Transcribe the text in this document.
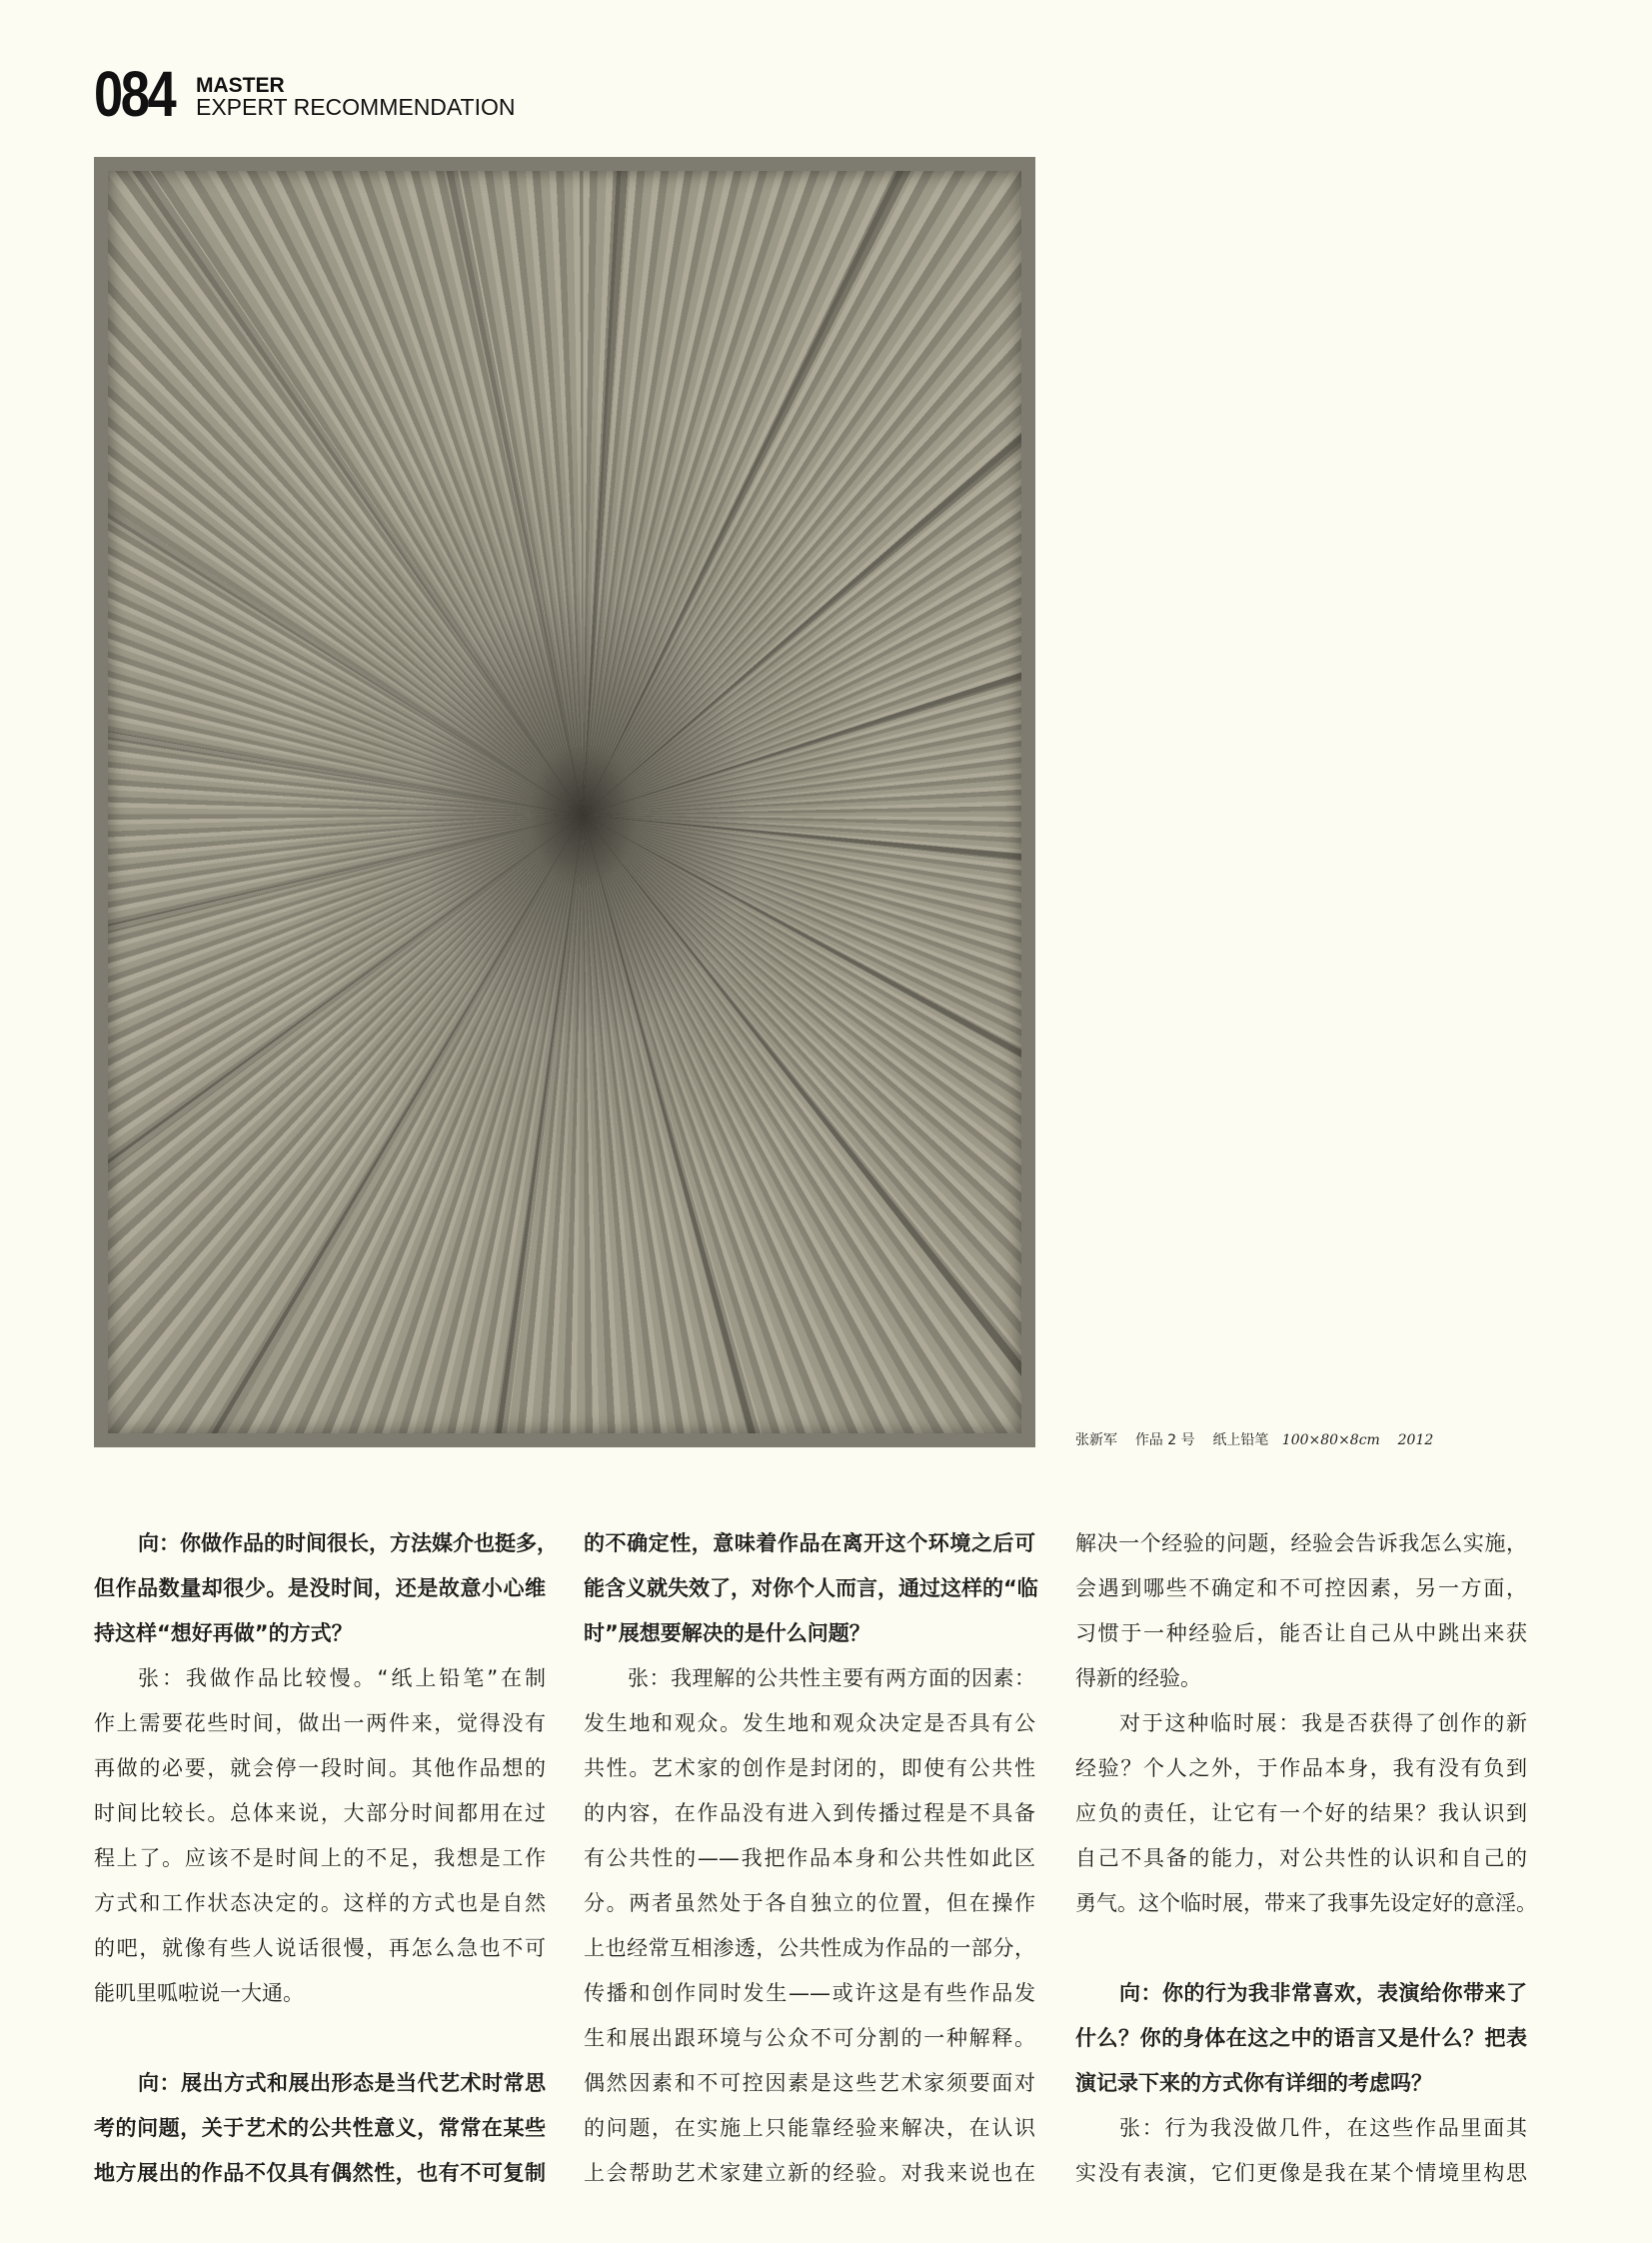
084 MASTER
EXPERT RECOMMENDATION
张新军 作品 2 号 纸上铅笔 100×80×8cm 2012
向：你做作品的时间很长，方法媒介也挺多，
但作品数量却很少。是没时间，还是故意小心维
持这样“想好再做”的方式？
张：我做作品比较慢。“纸上铅笔”在制
作上需要花些时间，做出一两件来，觉得没有
再做的必要，就会停一段时间。其他作品想的
时间比较长。总体来说，大部分时间都用在过
程上了。应该不是时间上的不足，我想是工作
方式和工作状态决定的。这样的方式也是自然
的吧，就像有些人说话很慢，再怎么急也不可
能叽里呱啦说一大通。
向：展出方式和展出形态是当代艺术时常思
考的问题，关于艺术的公共性意义，常常在某些
地方展出的作品不仅具有偶然性，也有不可复制
的不确定性，意味着作品在离开这个环境之后可
能含义就失效了，对你个人而言，通过这样的“临
时”展想要解决的是什么问题？
张：我理解的公共性主要有两方面的因素：
发生地和观众。发生地和观众决定是否具有公
共性。艺术家的创作是封闭的，即使有公共性
的内容，在作品没有进入到传播过程是不具备
有公共性的——我把作品本身和公共性如此区
分。两者虽然处于各自独立的位置，但在操作
上也经常互相渗透，公共性成为作品的一部分，
传播和创作同时发生——或许这是有些作品发
生和展出跟环境与公众不可分割的一种解释。
偶然因素和不可控因素是这些艺术家须要面对
的问题，在实施上只能靠经验来解决，在认识
上会帮助艺术家建立新的经验。对我来说也在
解决一个经验的问题，经验会告诉我怎么实施，
会遇到哪些不确定和不可控因素，另一方面，
习惯于一种经验后，能否让自己从中跳出来获
得新的经验。
对于这种临时展：我是否获得了创作的新
经验？个人之外，于作品本身，我有没有负到
应负的责任，让它有一个好的结果？我认识到
自己不具备的能力，对公共性的认识和自己的
勇气。这个临时展，带来了我事先设定好的意淫。
向：你的行为我非常喜欢，表演给你带来了
什么？你的身体在这之中的语言又是什么？把表
演记录下来的方式你有详细的考虑吗？
张：行为我没做几件，在这些作品里面其
实没有表演，它们更像是我在某个情境里构思
